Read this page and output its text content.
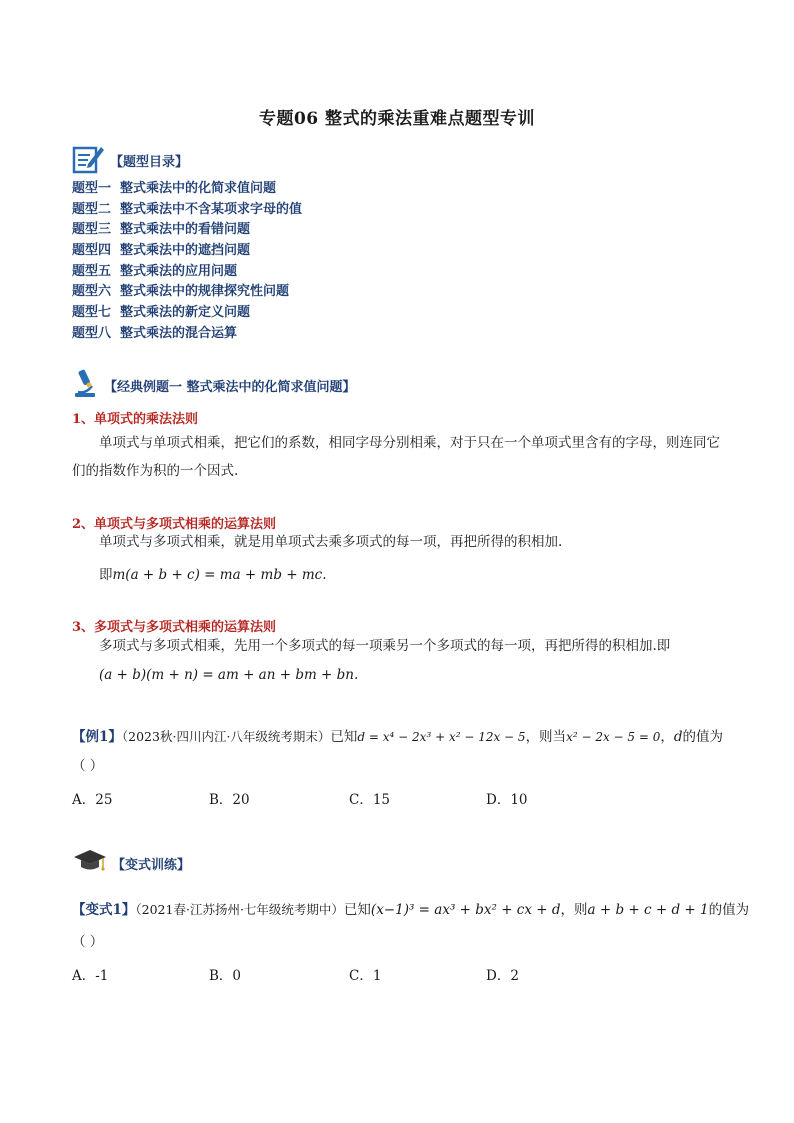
专题06 整式的乘法重难点题型专训
【题型目录】
题型一 整式乘法中的化简求值问题
题型二 整式乘法中不含某项求字母的值
题型三 整式乘法中的看错问题
题型四 整式乘法中的遮挡问题
题型五 整式乘法的应用问题
题型六 整式乘法中的规律探究性问题
题型七 整式乘法的新定义问题
题型八 整式乘法的混合运算
【经典例题一 整式乘法中的化简求值问题】
1、单项式的乘法法则
单项式与单项式相乘，把它们的系数，相同字母分别相乘，对于只在一个单项式里含有的字母，则连同它们的指数作为积的一个因式.
2、单项式与多项式相乘的运算法则
单项式与多项式相乘，就是用单项式去乘多项式的每一项，再把所得的积相加.
即m(a + b + c) = ma + mb + mc.
3、多项式与多项式相乘的运算法则
多项式与多项式相乘，先用一个多项式的每一项乘另一个多项式的每一项，再把所得的积相加.即
(a + b)(m + n) = am + an + bm + bn.
【例1】（2023秋·四川内江·八年级统考期末）已知d = x⁴ − 2x³ + x² − 12x − 5，则当x² − 2x − 5 = 0，d的值为
（ ）
A．25	B．20	C．15	D．10
【变式训练】
【变式1】（2021春·江苏扬州·七年级统考期中）已知(x−1)³ = ax³ + bx² + cx + d，则a + b + c + d + 1的值为
（ ）
A．-1	B．0	C．1	D．2
